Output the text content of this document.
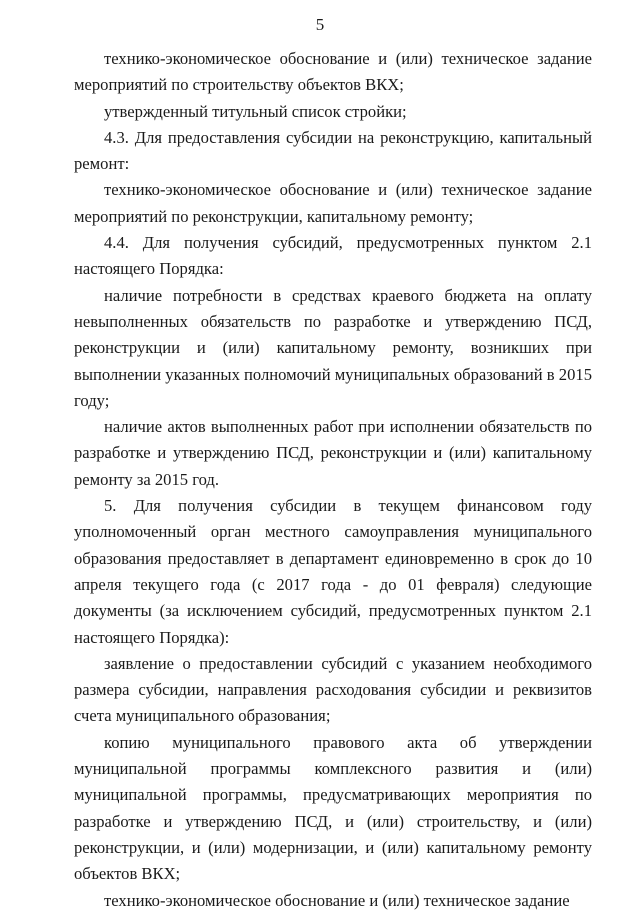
5

технико-экономическое обоснование и (или) техническое задание мероприятий по строительству объектов ВКХ;

утвержденный титульный список стройки;

4.3. Для предоставления субсидии на реконструкцию, капитальный ремонт:

технико-экономическое обоснование и (или) техническое задание мероприятий по реконструкции, капитальному ремонту;

4.4. Для получения субсидий, предусмотренных пунктом 2.1 настоящего Порядка:

наличие потребности в средствах краевого бюджета на оплату невыполненных обязательств по разработке и утверждению ПСД, реконструкции и (или) капитальному ремонту, возникших при выполнении указанных полномочий муниципальных образований в 2015 году;

наличие актов выполненных работ при исполнении обязательств по разработке и утверждению ПСД, реконструкции и (или) капитальному ремонту за 2015 год.

5. Для получения субсидии в текущем финансовом году уполномоченный орган местного самоуправления муниципального образования предоставляет в департамент единовременно в срок до 10 апреля текущего года (с 2017 года - до 01 февраля) следующие документы (за исключением субсидий, предусмотренных пунктом 2.1 настоящего Порядка):

заявление о предоставлении субсидий с указанием необходимого размера субсидии, направления расходования субсидии и реквизитов счета муниципального образования;

копию муниципального правового акта об утверждении муниципальной программы комплексного развития и (или) муниципальной программы, предусматривающих мероприятия по разработке и утверждению ПСД, и (или) строительству, и (или) реконструкции, и (или) модернизации, и (или) капитальному ремонту объектов ВКХ;

технико-экономическое обоснование и (или) техническое задание
